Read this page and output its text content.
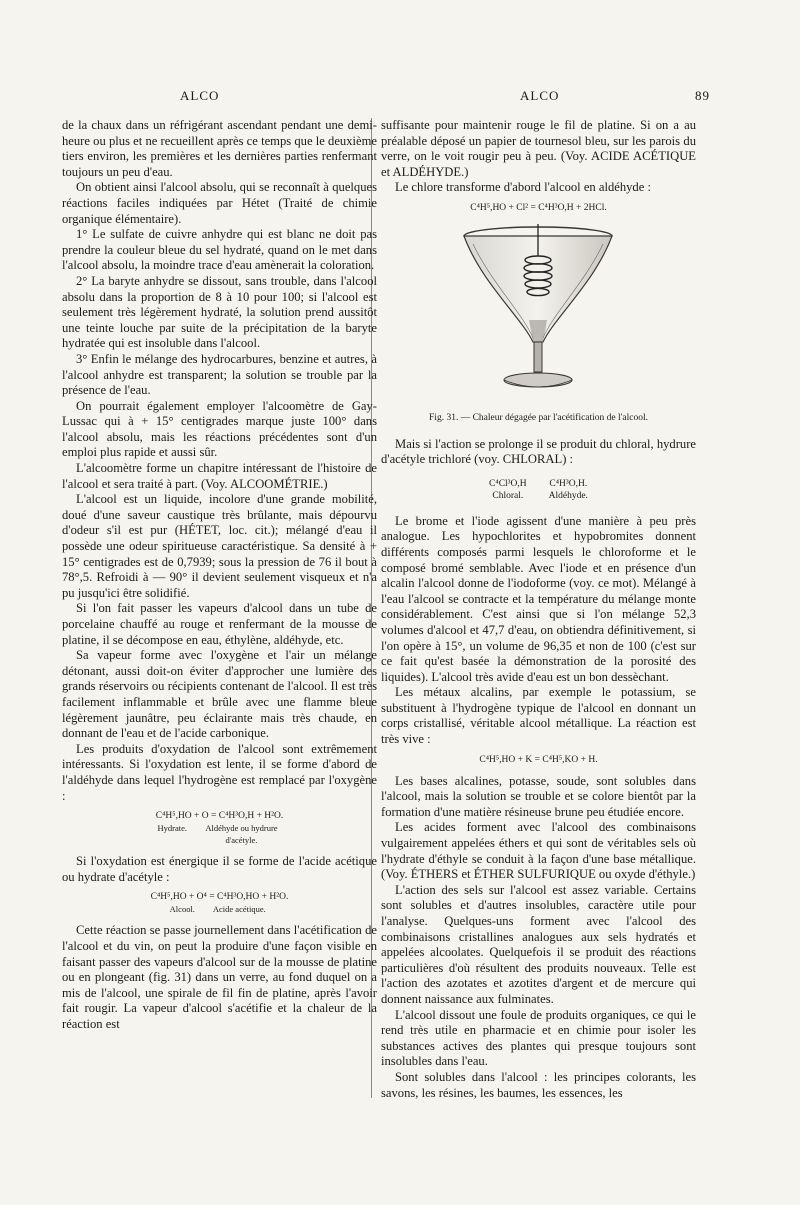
ALCO	ALCO	89

de la chaux dans un réfrigérant ascendant pendant une demi-heure ou plus et ne recueillent après ce temps que le deuxième tiers environ, les premières et les dernières parties renfermant toujours un peu d'eau.

On obtient ainsi l'alcool absolu, qui se reconnaît à quelques réactions faciles indiquées par Hétet (Traité de chimie organique élémentaire).

1° Le sulfate de cuivre anhydre qui est blanc ne doit pas prendre la couleur bleue du sel hydraté, quand on le met dans l'alcool absolu, la moindre trace d'eau amènerait la coloration.

2° La baryte anhydre se dissout, sans trouble, dans l'alcool absolu dans la proportion de 8 à 10 pour 100; si l'alcool est seulement très légèrement hydraté, la solution prend aussitôt une teinte louche par suite de la précipitation de la baryte hydratée qui est insoluble dans l'alcool.

3° Enfin le mélange des hydrocarbures, benzine et autres, à l'alcool anhydre est transparent; la solution se trouble par la présence de l'eau.

On pourrait également employer l'alcoomètre de Gay-Lussac qui à + 15° centigrades marque juste 100° dans l'alcool absolu, mais les réactions précédentes sont d'un emploi plus rapide et aussi sûr.

L'alcoomètre forme un chapitre intéressant de l'histoire de l'alcool et sera traité à part. (Voy. ALCOOMÉTRIE.)

L'alcool est un liquide, incolore d'une grande mobilité, doué d'une saveur caustique très brûlante, mais dépourvu d'odeur s'il est pur (HÉTET, loc. cit.); mélangé d'eau il possède une odeur spiritueuse caractéristique. Sa densité à + 15° centigrades est de 0,7939; sous la pression de 76 il bout à 78°,5. Refroidi à — 90° il devient seulement visqueux et n'a pu jusqu'ici être solidifié.

Si l'on fait passer les vapeurs d'alcool dans un tube de porcelaine chauffé au rouge et renfermant de la mousse de platine, il se décompose en eau, éthylène, aldéhyde, etc.

Sa vapeur forme avec l'oxygène et l'air un mélange détonant, aussi doit-on éviter d'approcher une lumière des grands réservoirs ou récipients contenant de l'alcool. Il est très facilement inflammable et brûle avec une flamme bleue légèrement jaunâtre, peu éclairante mais très chaude, en donnant de l'eau et de l'acide carbonique.

Les produits d'oxydation de l'alcool sont extrêmement intéressants. Si l'oxydation est lente, il se forme d'abord de l'aldéhyde dans lequel l'hydrogène est remplacé par l'oxygène :

C⁴H⁵,HO + O = C⁴H³O,H + H²O.
Hydrate. Aldéhyde ou hydrure d'acétyle.

Si l'oxydation est énergique il se forme de l'acide acétique ou hydrate d'acétyle :

C⁴H⁵,HO + O⁴ = C⁴H³O,HO + H²O.
Alcool. Acide acétique.

Cette réaction se passe journellement dans l'acétification de l'alcool et du vin, on peut la produire d'une façon visible en faisant passer des vapeurs d'alcool sur de la mousse de platine ou en plongeant (fig. 31) dans un verre, au fond duquel on a mis de l'alcool, une spirale de fil fin de platine, après l'avoir fait rougir. La vapeur d'alcool s'acétifie et la chaleur de la réaction est

suffisante pour maintenir rouge le fil de platine. Si on a au préalable déposé un papier de tournesol bleu, sur les parois du verre, on le voit rougir peu à peu. (Voy. ACIDE ACÉTIQUE et ALDÉHYDE.)

Le chlore transforme d'abord l'alcool en aldéhyde :

C⁴H⁵,HO + Cl² = C⁴H³O,H + 2HCl.
Fig. 31. — Chaleur dégagée par l'acétification de l'alcool.

Mais si l'action se prolonge il se produit du chloral, hydrure d'acétyle trichloré (voy. CHLORAL) :

C⁴Cl³O,H
Chloral.
C⁴H³O,H.
Aldéhyde.

Le brome et l'iode agissent d'une manière à peu près analogue. Les hypochlorites et hypobromites donnent différents composés parmi lesquels le chloroforme et le composé bromé semblable. Avec l'iode et en présence d'un alcalin l'alcool donne de l'iodoforme (voy. ce mot). Mélangé à l'eau l'alcool se contracte et la température du mélange monte considérablement. C'est ainsi que si l'on mélange 52,3 volumes d'alcool et 47,7 d'eau, on obtiendra définitivement, si l'on opère à 15°, un volume de 96,35 et non de 100 (c'est sur ce fait qu'est basée la démonstration de la porosité des liquides). L'alcool très avide d'eau est un bon dessèchant.

Les métaux alcalins, par exemple le potassium, se substituent à l'hydrogène typique de l'alcool en donnant un corps cristallisé, véritable alcool métallique. La réaction est très vive :

C⁴H⁵,HO + K = C⁴H⁵,KO + H.

Les bases alcalines, potasse, soude, sont solubles dans l'alcool, mais la solution se trouble et se colore bientôt par la formation d'une matière résineuse brune peu étudiée encore.

Les acides forment avec l'alcool des combinaisons vulgairement appelées éthers et qui sont de véritables sels où l'hydrate d'éthyle se conduit à la façon d'une base métallique. (Voy. ÉTHERS et ÉTHER SULFURIQUE ou oxyde d'éthyle.)

L'action des sels sur l'alcool est assez variable. Certains sont solubles et d'autres insolubles, caractère utile pour l'analyse. Quelques-uns forment avec l'alcool des combinaisons cristallines analogues aux sels hydratés et appelées alcoolates. Quelquefois il se produit des réactions particulières d'où résultent des produits nouveaux. Telle est l'action des azotates et azotites d'argent et de mercure qui donnent naissance aux fulminates.

L'alcool dissout une foule de produits organiques, ce qui le rend très utile en pharmacie et en chimie pour isoler les substances actives des plantes qui presque toujours sont insolubles dans l'eau.

Sont solubles dans l'alcool : les principes colorants, les savons, les résines, les baumes, les essences, les
